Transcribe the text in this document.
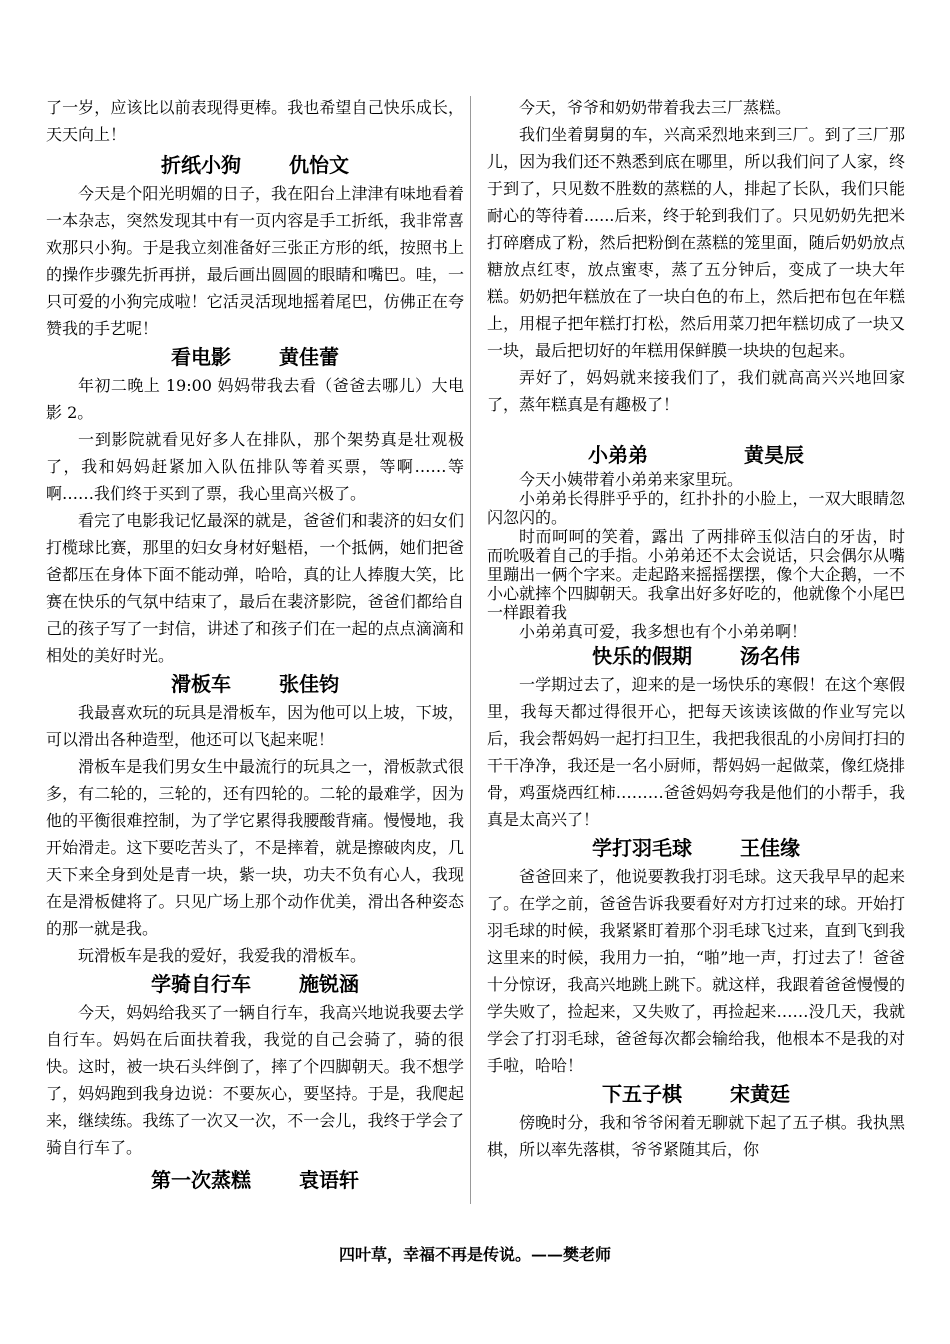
了一岁，应该比以前表现得更棒。我也希望自己快乐成长，天天向上！

折纸小狗 仇怡文

今天是个阳光明媚的日子，我在阳台上津津有味地看着一本杂志，突然发现其中有一页内容是手工折纸，我非常喜欢那只小狗。于是我立刻准备好三张正方形的纸，按照书上的操作步骤先折再拼，最后画出圆圆的眼睛和嘴巴。哇，一只可爱的小狗完成啦！它活灵活现地摇着尾巴，仿佛正在夸赞我的手艺呢！

看电影 黄佳蕾

年初二晚上 19:00 妈妈带我去看（爸爸去哪儿）大电影 2。

一到影院就看见好多人在排队，那个架势真是壮观极了，我和妈妈赶紧加入队伍排队等着买票，等啊……等啊……我们终于买到了票，我心里高兴极了。

看完了电影我记忆最深的就是，爸爸们和裴济的妇女们打榄球比赛，那里的妇女身材好魁梧，一个抵俩，她们把爸爸都压在身体下面不能动弹，哈哈，真的让人捧腹大笑，比赛在快乐的气氛中结束了，最后在裴济影院，爸爸们都给自己的孩子写了一封信，讲述了和孩子们在一起的点点滴滴和相处的美好时光。

滑板车 张佳钧

我最喜欢玩的玩具是滑板车，因为他可以上坡，下坡，可以滑出各种造型，他还可以飞起来呢！

滑板车是我们男女生中最流行的玩具之一，滑板款式很多，有二轮的，三轮的，还有四轮的。二轮的最难学，因为他的平衡很难控制，为了学它累得我腰酸背痛。慢慢地，我开始滑走。这下要吃苦头了，不是摔着，就是擦破肉皮，几天下来全身到处是青一块，紫一块，功夫不负有心人，我现在是滑板健将了。只见广场上那个动作优美，滑出各种姿态的那一就是我。

玩滑板车是我的爱好，我爱我的滑板车。

学骑自行车 施锐涵

今天，妈妈给我买了一辆自行车，我高兴地说我要去学自行车。妈妈在后面扶着我，我觉的自己会骑了，骑的很快。这时，被一块石头绊倒了，摔了个四脚朝天。我不想学了，妈妈跑到我身边说：不要灰心，要坚持。于是，我爬起来，继续练。我练了一次又一次，不一会儿，我终于学会了骑自行车了。

第一次蒸糕 袁语轩

今天，爷爷和奶奶带着我去三厂蒸糕。

我们坐着舅舅的车，兴高采烈地来到三厂。到了三厂那儿，因为我们还不熟悉到底在哪里，所以我们问了人家，终于到了，只见数不胜数的蒸糕的人，排起了长队，我们只能耐心的等待着......后来，终于轮到我们了。只见奶奶先把米打碎磨成了粉，然后把粉倒在蒸糕的笼里面，随后奶奶放点糖放点红枣，放点蜜枣，蒸了五分钟后，变成了一块大年糕。奶奶把年糕放在了一块白色的布上，然后把布包在年糕上，用棍子把年糕打打松，然后用菜刀把年糕切成了一块又一块，最后把切好的年糕用保鲜膜一块块的包起来。

弄好了，妈妈就来接我们了，我们就高高兴兴地回家了，蒸年糕真是有趣极了！

小弟弟	黄昊辰

今天小姨带着小弟弟来家里玩。

小弟弟长得胖乎乎的，红扑扑的小脸上，一双大眼睛忽闪忽闪的。

时而呵呵的笑着，露出 了两排碎玉似洁白的牙齿，时而吮吸着自己的手指。小弟弟还不太会说话，只会偶尔从嘴里蹦出一俩个字来。走起路来摇摇摆摆，像个大企鹅，一不小心就摔个四脚朝天。我拿出好多好吃的，他就像个小尾巴一样跟着我

小弟弟真可爱，我多想也有个小弟弟啊！

快乐的假期 汤名伟

一学期过去了，迎来的是一场快乐的寒假！在这个寒假里，我每天都过得很开心，把每天该读该做的作业写完以后，我会帮妈妈一起打扫卫生，我把我很乱的小房间打扫的干干净净，我还是一名小厨师，帮妈妈一起做菜，像红烧排骨，鸡蛋烧西红柿………爸爸妈妈夸我是他们的小帮手，我真是太高兴了！

学打羽毛球 王佳缘

爸爸回来了，他说要教我打羽毛球。这天我早早的起来了。在学之前，爸爸告诉我要看好对方打过来的球。开始打羽毛球的时候，我紧紧盯着那个羽毛球飞过来，直到飞到我这里来的时候，我用力一拍，“啪”地一声，打过去了！爸爸十分惊讶，我高兴地跳上跳下。就这样，我跟着爸爸慢慢的学失败了，捡起来，又失败了，再捡起来……没几天，我就学会了打羽毛球，爸爸每次都会输给我，他根本不是我的对手啦，哈哈！

下五子棋 宋黄廷

傍晚时分，我和爷爷闲着无聊就下起了五子棋。我执黑棋，所以率先落棋，爷爷紧随其后，你

四叶草，幸福不再是传说。——樊老师
